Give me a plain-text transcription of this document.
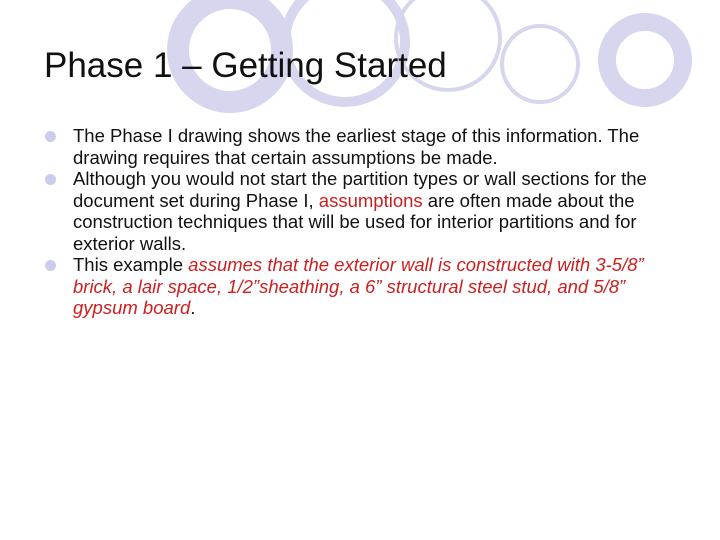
Phase 1 – Getting Started

The Phase I drawing shows the earliest stage of this information. The drawing requires that certain assumptions be made.

Although you would not start the partition types or wall sections for the document set during Phase I, assumptions are often made about the construction techniques that will be used for interior partitions and for exterior walls.

This example assumes that the exterior wall is constructed with 3-5/8” brick, a lair space, 1/2”sheathing, a 6” structural steel stud, and 5/8” gypsum board.
